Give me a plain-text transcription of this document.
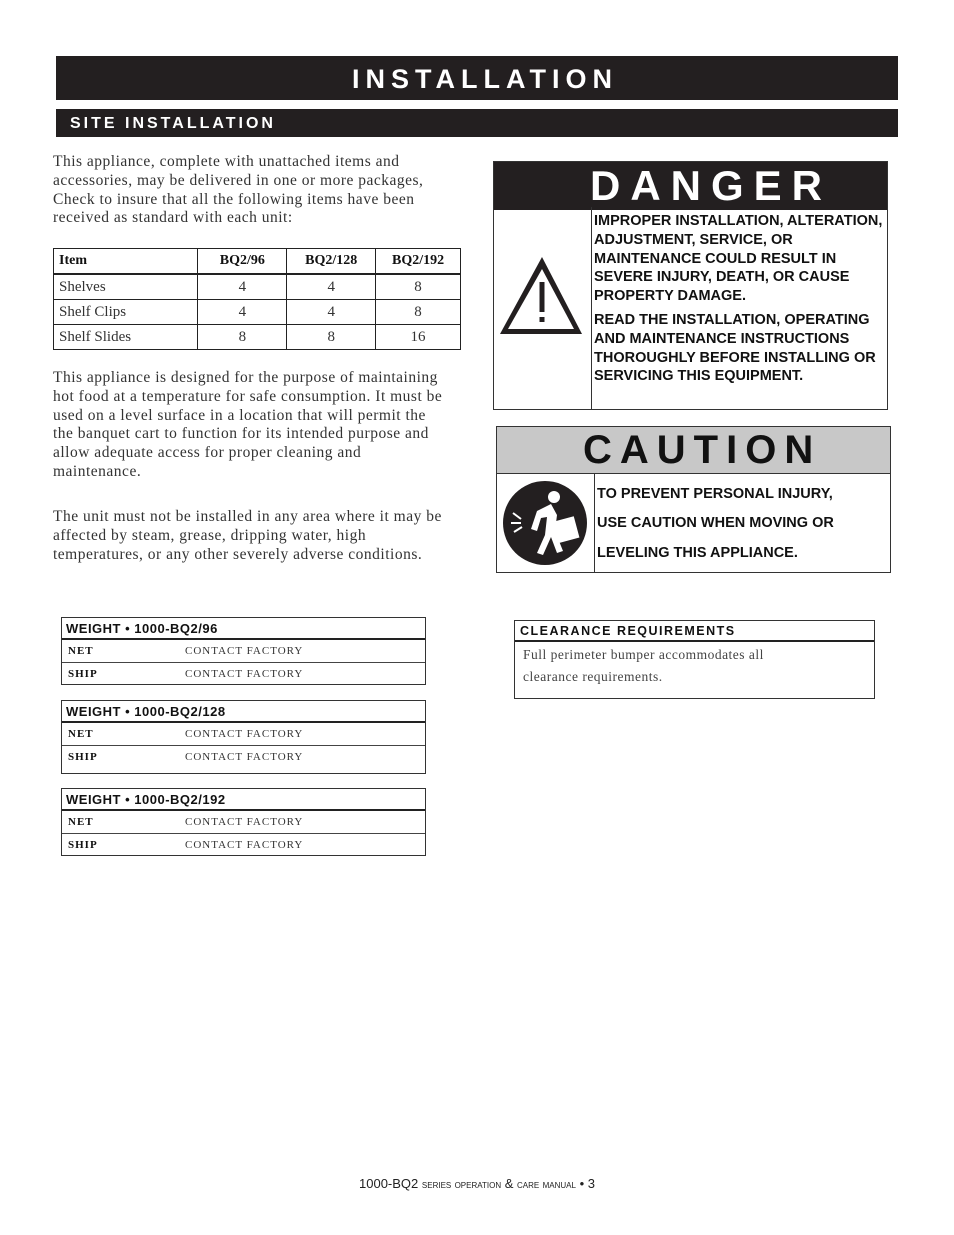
INSTALLATION
SITE INSTALLATION

This appliance, complete with unattached items and accessories, may be delivered in one or more packages, Check to insure that all the following items have been received as standard with each unit:

Item	BQ2/96	BQ2/128	BQ2/192
Shelves	4	4	8
Shelf Clips	4	4	8
Shelf Slides	8	8	16

This appliance is designed for the purpose of maintaining hot food at a temperature for safe consumption. It must be used on a level surface in a location that will permit the the banquet cart to function for its intended purpose and allow adequate access for proper cleaning and maintenance.

The unit must not be installed in any area where it may be affected by steam, grease, dripping water, high temperatures, or any other severely adverse conditions.

DANGER
IMPROPER INSTALLATION, ALTERATION, ADJUSTMENT, SERVICE, OR MAINTENANCE COULD RESULT IN SEVERE INJURY, DEATH, OR CAUSE PROPERTY DAMAGE.
READ THE INSTALLATION, OPERATING AND MAINTENANCE INSTRUCTIONS THOROUGHLY BEFORE INSTALLING OR SERVICING THIS EQUIPMENT.
CAUTION
TO PREVENT PERSONAL INJURY,
USE CAUTION WHEN MOVING OR
LEVELING THIS APPLIANCE.
WEIGHT • 1000-BQ2/96
NET	CONTACT FACTORY
SHIP	CONTACT FACTORY
WEIGHT • 1000-BQ2/128
NET	CONTACT FACTORY
SHIP	CONTACT FACTORY
WEIGHT • 1000-BQ2/192
NET	CONTACT FACTORY
SHIP	CONTACT FACTORY
CLEARANCE REQUIREMENTS
Full perimeter bumper accommodates all
clearance requirements.
1000-BQ2 series operation & care manual • 3
